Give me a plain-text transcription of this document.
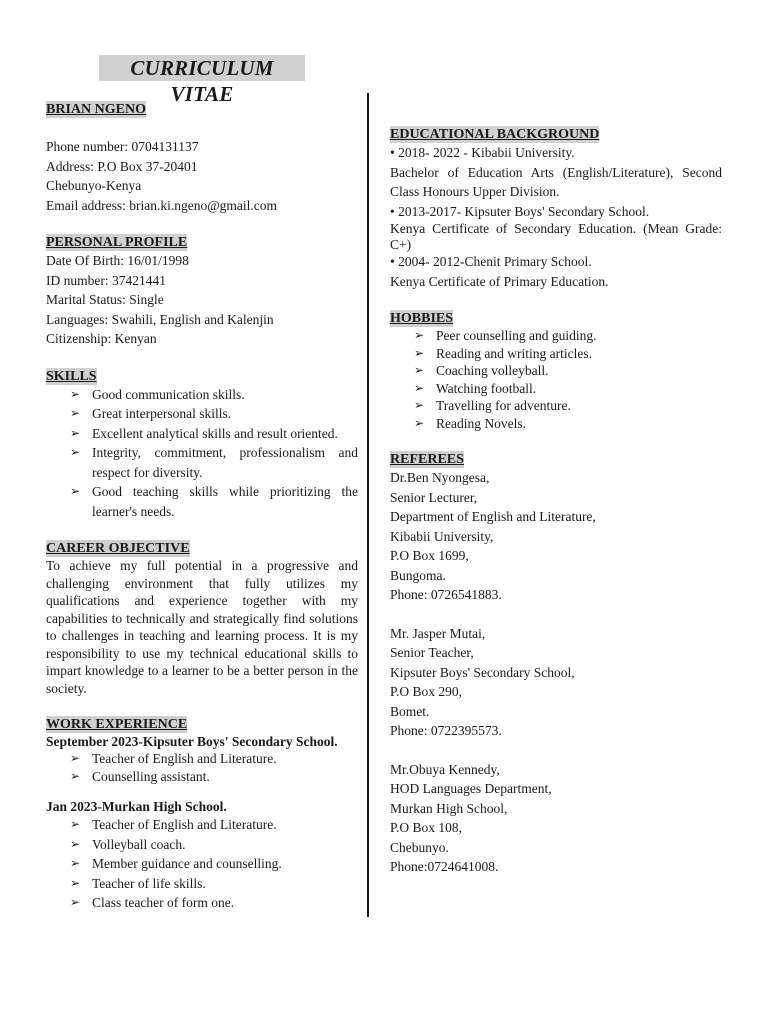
CURRICULUM VITAE
BRIAN NGENO
Phone number: 0704131137
Address: P.O Box 37-20401
Chebunyo-Kenya
Email address: brian.ki.ngeno@gmail.com
PERSONAL PROFILE
Date Of Birth: 16/01/1998
ID number: 37421441
Marital Status: Single
Languages: Swahili, English and Kalenjin
Citizenship: Kenyan
SKILLS
➢ Good communication skills.
➢ Great interpersonal skills.
➢ Excellent analytical skills and result oriented.
➢ Integrity, commitment, professionalism and respect for diversity.
➢ Good teaching skills while prioritizing the learner's needs.
CAREER OBJECTIVE
To achieve my full potential in a progressive and challenging environment that fully utilizes my qualifications and experience together with my capabilities to technically and strategically find solutions to challenges in teaching and learning process. It is my responsibility to use my technical educational skills to impart knowledge to a learner to be a better person in the society.
WORK EXPERIENCE
September 2023-Kipsuter Boys' Secondary School.
➢ Teacher of English and Literature.
➢ Counselling assistant.
Jan 2023-Murkan High School.
➢ Teacher of English and Literature.
➢ Volleyball coach.
➢ Member guidance and counselling.
➢ Teacher of life skills.
➢ Class teacher of form one.
EDUCATIONAL BACKGROUND
• 2018- 2022 - Kibabii University.
Bachelor of Education Arts (English/Literature), Second Class Honours Upper Division.
• 2013-2017- Kipsuter Boys' Secondary School.
Kenya Certificate of Secondary Education. (Mean Grade: C+)
• 2004- 2012-Chenit Primary School.
Kenya Certificate of Primary Education.
HOBBIES
➢ Peer counselling and guiding.
➢ Reading and writing articles.
➢ Coaching volleyball.
➢ Watching football.
➢ Travelling for adventure.
➢ Reading Novels.
REFEREES
Dr.Ben Nyongesa,
Senior Lecturer,
Department of English and Literature,
Kibabii University,
P.O Box 1699,
Bungoma.
Phone: 0726541883.
Mr. Jasper Mutai,
Senior Teacher,
Kipsuter Boys' Secondary School,
P.O Box 290,
Bomet.
Phone: 0722395573.
Mr.Obuya Kennedy,
HOD Languages Department,
Murkan High School,
P.O Box 108,
Chebunyo.
Phone:0724641008.
